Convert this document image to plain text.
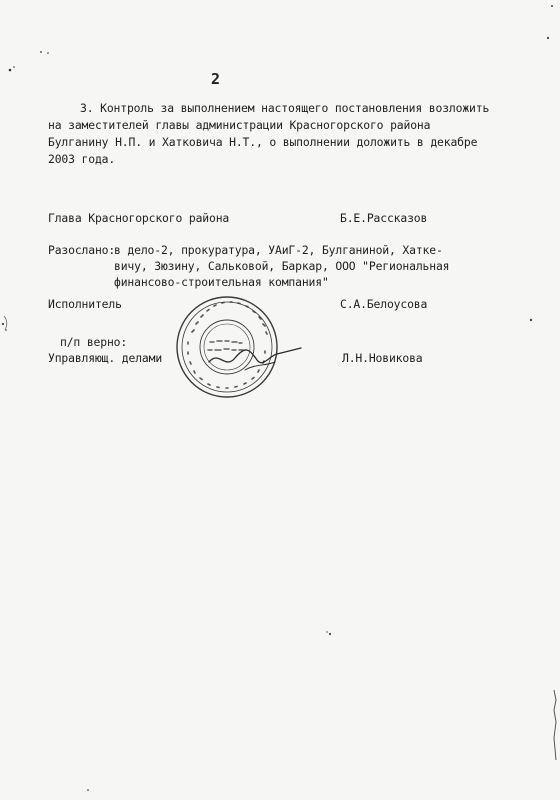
2
3. Контроль за выполнением настоящего постановления возложить
на заместителей главы администрации Красногорского района
Булганину Н.П. и Хатковича Н.Т., о выполнении доложить в декабре
2003 года.
Глава Красногорского района	Б.Е.Рассказов
Разослано:
в дело-2, прокуратура, УАиГ-2, Булганиной, Хатке-
вичу, Зюзину, Сальковой, Баркар, ООО "Региональная
финансово-строительная компания"
Исполнитель	С.А.Белоусова
п/п верно:
Управляющ. делами	Л.Н.Новикова
